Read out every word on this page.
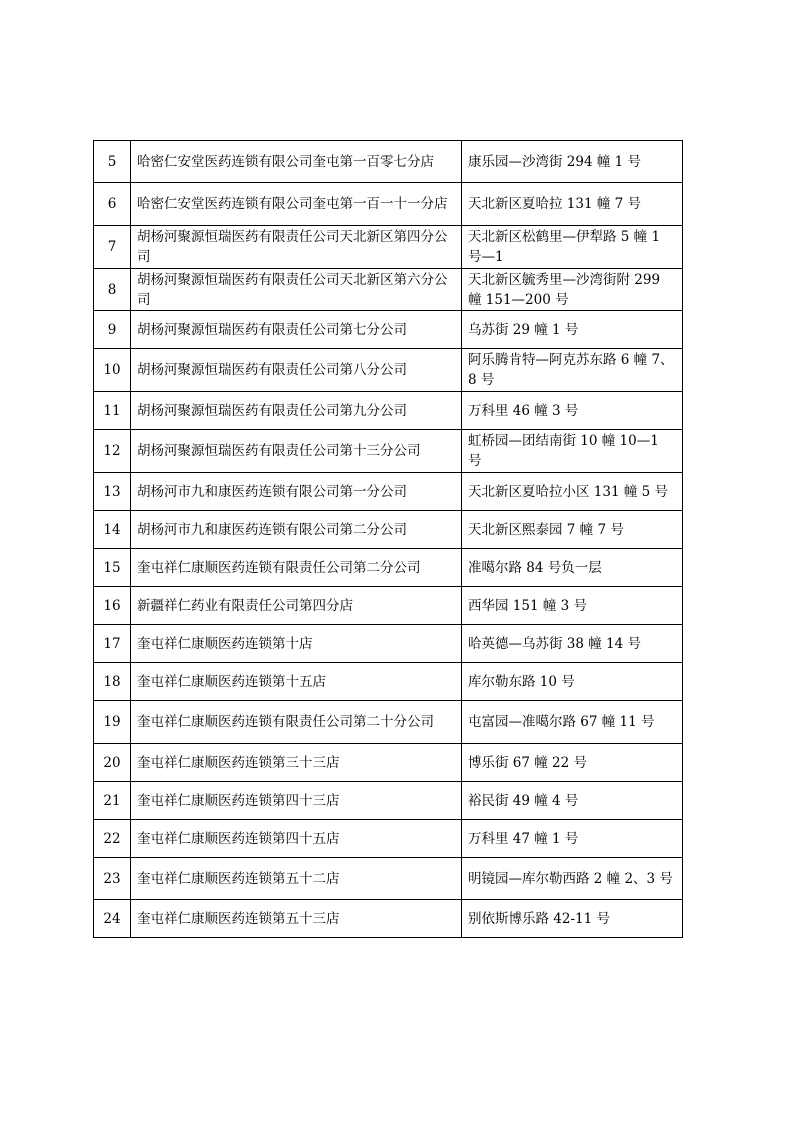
5	哈密仁安堂医药连锁有限公司奎屯第一百零七分店	康乐园—沙湾街 294 幢 1 号
6	哈密仁安堂医药连锁有限公司奎屯第一百一十一分店	天北新区夏哈拉 131 幢 7 号
7	胡杨河聚源恒瑞医药有限责任公司天北新区第四分公司	天北新区松鹤里—伊犁路 5 幢 1 号—1
8	胡杨河聚源恒瑞医药有限责任公司天北新区第六分公司	天北新区毓秀里—沙湾街附 299 幢 151—200 号
9	胡杨河聚源恒瑞医药有限责任公司第七分公司	乌苏街 29 幢 1 号
10	胡杨河聚源恒瑞医药有限责任公司第八分公司	阿乐腾肯特—阿克苏东路 6 幢 7、8 号
11	胡杨河聚源恒瑞医药有限责任公司第九分公司	万科里 46 幢 3 号
12	胡杨河聚源恒瑞医药有限责任公司第十三分公司	虹桥园—团结南街 10 幢 10—1 号
13	胡杨河市九和康医药连锁有限公司第一分公司	天北新区夏哈拉小区 131 幢 5 号
14	胡杨河市九和康医药连锁有限公司第二分公司	天北新区熙泰园 7 幢 7 号
15	奎屯祥仁康顺医药连锁有限责任公司第二分公司	准噶尔路 84 号负一层
16	新疆祥仁药业有限责任公司第四分店	西华园 151 幢 3 号
17	奎屯祥仁康顺医药连锁第十店	哈英德—乌苏街 38 幢 14 号
18	奎屯祥仁康顺医药连锁第十五店	库尔勒东路 10 号
19	奎屯祥仁康顺医药连锁有限责任公司第二十分公司	屯富园—准噶尔路 67 幢 11 号
20	奎屯祥仁康顺医药连锁第三十三店	博乐街 67 幢 22 号
21	奎屯祥仁康顺医药连锁第四十三店	裕民街 49 幢 4 号
22	奎屯祥仁康顺医药连锁第四十五店	万科里 47 幢 1 号
23	奎屯祥仁康顺医药连锁第五十二店	明镜园—库尔勒西路 2 幢 2、3 号
24	奎屯祥仁康顺医药连锁第五十三店	别依斯博乐路 42-11 号
